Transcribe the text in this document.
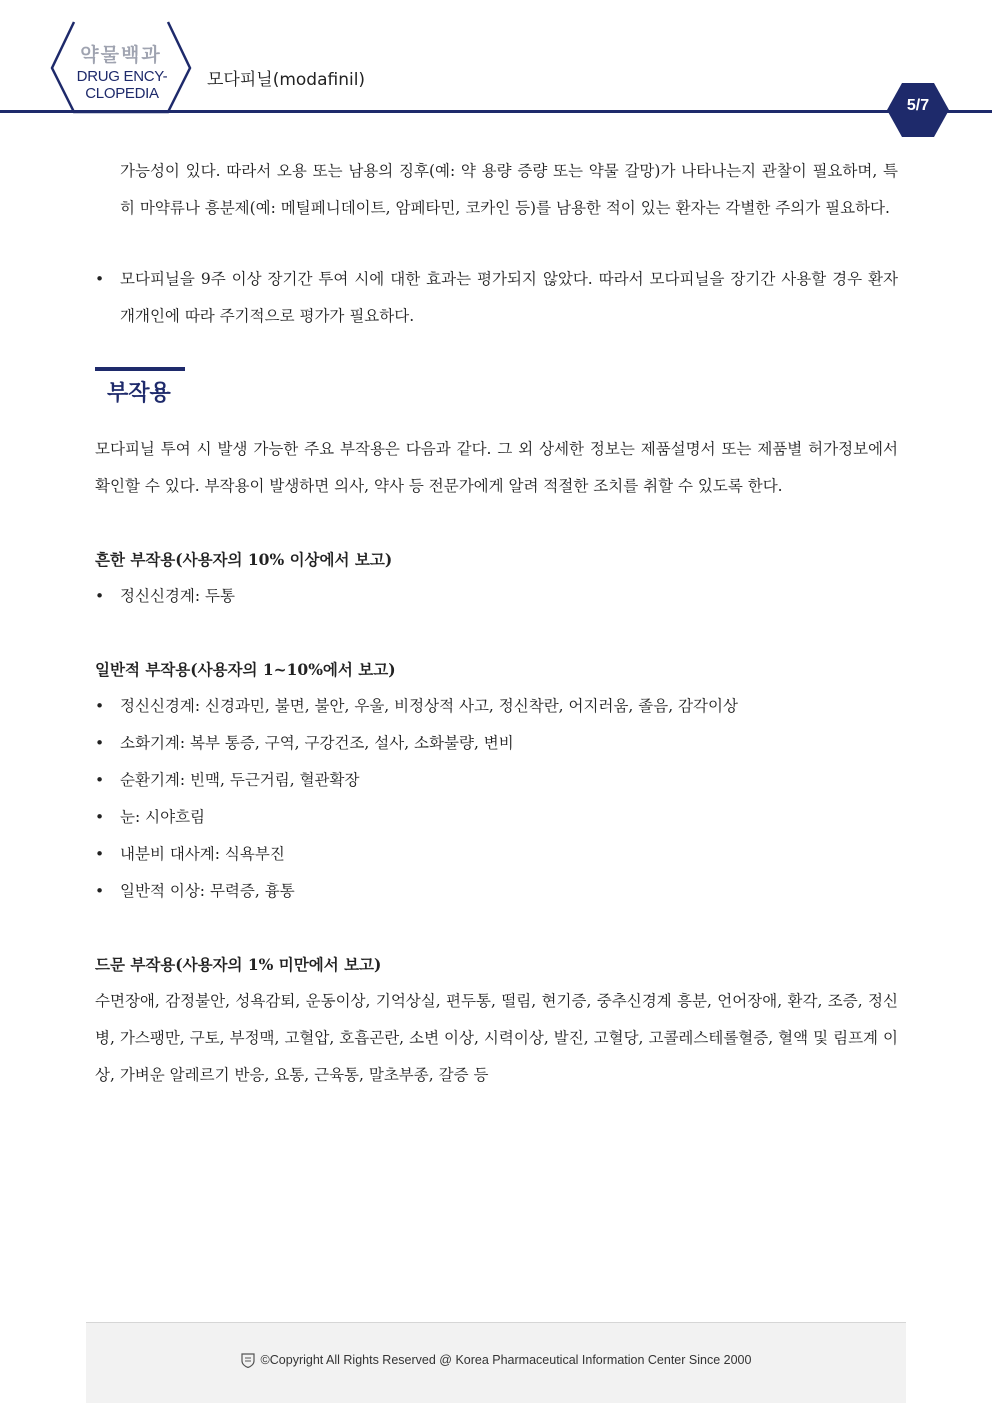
약물백과
DRUG ENCY-
CLOPEDIA
모다피닐(modafinil)
5/7

가능성이 있다. 따라서 오용 또는 남용의 징후(예: 약 용량 증량 또는 약물 갈망)가 나타나는지 관찰이 필요하며, 특히 마약류나 흥분제(예: 메틸페니데이트, 암페타민, 코카인 등)를 남용한 적이 있는 환자는 각별한 주의가 필요하다.

• 모다피닐을 9주 이상 장기간 투여 시에 대한 효과는 평가되지 않았다. 따라서 모다피닐을 장기간 사용할 경우 환자 개개인에 따라 주기적으로 평가가 필요하다.

부작용

모다피닐 투여 시 발생 가능한 주요 부작용은 다음과 같다. 그 외 상세한 정보는 제품설명서 또는 제품별 허가정보에서 확인할 수 있다. 부작용이 발생하면 의사, 약사 등 전문가에게 알려 적절한 조치를 취할 수 있도록 한다.

흔한 부작용(사용자의 10% 이상에서 보고)

• 정신신경계: 두통

일반적 부작용(사용자의 1~10%에서 보고)

• 정신신경계: 신경과민, 불면, 불안, 우울, 비정상적 사고, 정신착란, 어지러움, 졸음, 감각이상

• 소화기계: 복부 통증, 구역, 구강건조, 설사, 소화불량, 변비

• 순환기계: 빈맥, 두근거림, 혈관확장

• 눈: 시야흐림

• 내분비 대사계: 식욕부진

• 일반적 이상: 무력증, 흉통

드문 부작용(사용자의 1% 미만에서 보고)

수면장애, 감정불안, 성욕감퇴, 운동이상, 기억상실, 편두통, 떨림, 현기증, 중추신경계 흥분, 언어장애, 환각, 조증, 정신병, 가스팽만, 구토, 부정맥, 고혈압, 호흡곤란, 소변 이상, 시력이상, 발진, 고혈당, 고콜레스테롤혈증, 혈액 및 림프계 이상, 가벼운 알레르기 반응, 요통, 근육통, 말초부종, 갈증 등

©Copyright All Rights Reserved @ Korea Pharmaceutical Information Center Since 2000
